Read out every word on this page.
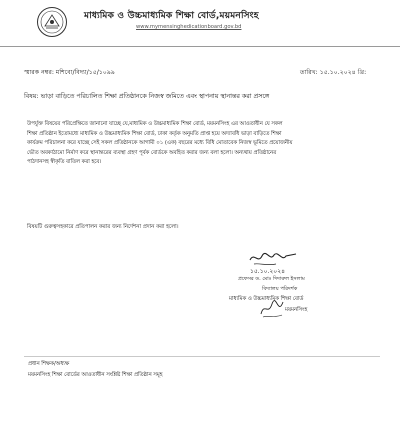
মাধ্যমিক ও উচ্চমাধ্যমিক শিক্ষা বোর্ড,ময়মনসিংহ
www.mymensinghedicationboard.gov.bd
স্মারক নম্বর: মশিবো/বিদ্যা/১৫/১০৯৯	তারিখ: ১৫.১০.২০২৪ খ্রি:
বিষয়: ভাড়া বাড়িতে পরিচালিত শিক্ষা প্রতিষ্ঠানকে নিজস্ব জমিতে এবং স্থাপনায় স্থানান্তর করা প্রসঙ্গে
উপর্যুক্ত বিষয়ের পরিপ্রেক্ষিতে জানানো যাচ্ছে যে,মাধ্যমিক ও উচ্চমাধ্যমিক শিক্ষা বোর্ড, ময়মনসিংহ এর আওতাধীন যে সকল
শিক্ষা প্রতিষ্ঠান ইতোমধ্যে মাধ্যমিক ও উচ্চমাধ্যমিক শিক্ষা বোর্ড, ঢাকা কর্তৃক অনুমতি প্রাপ্ত হয়ে অদ্যাবধি ভাড়া বাড়িতে শিক্ষা
কার্যক্রম পরিচালনা করে যাচ্ছে সেই সকল প্রতিষ্ঠানকে আগামী ০১ (এক) বছরের মধ্যে বিধি মোতাবেক নিজস্ব ভূমিতে প্রয়োজনীয়
ভৌত অবকাঠামো নির্মাণ করে স্থানান্তরের ব্যবস্থা গ্রহণ পূর্বক বোর্ডকে অবহিত করার জন্য বলা হলো। অন্যথায় প্রতিষ্ঠানের
পাঠদানসহ স্বীকৃতি বাতিল করা হবে।
বিষয়টি গুরুত্বসহকারে প্রতিপালন করার জন্য নির্দেশনা প্রদান করা হলো।
১৫.১০.২০২৪
প্রফেসর ড. মোঃ দিদারুল ইসলাম
বিদ্যালয় পরিদর্শক
মাধ্যমিক ও উচ্চমাধ্যমিক শিক্ষা বোর্ড
ময়মনসিংহ
প্রধান শিক্ষক/অধ্যক্ষ
ময়মনসিংহ শিক্ষা বোর্ডের আওতাধীন সংশ্লিষ্ট শিক্ষা প্রতিষ্ঠান সমূহ
